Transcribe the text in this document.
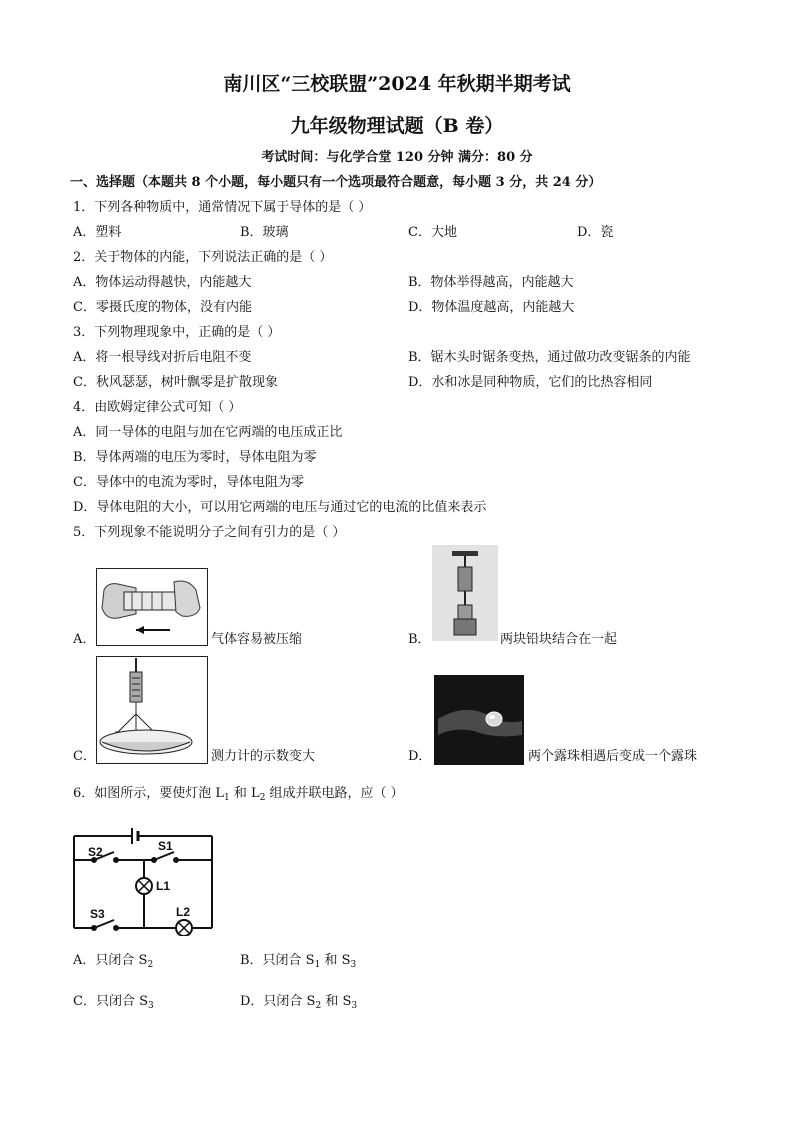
南川区“三校联盟”2024 年秋期半期考试
九年级物理试题（B 卷）
考试时间：与化学合堂 120 分钟 满分：80 分
一、选择题（本题共 8 个小题，每小题只有一个选项最符合题意，每小题 3 分，共 24 分）
1．下列各种物质中，通常情况下属于导体的是（ ）
A．塑料	B．玻璃	C．大地	D．瓷
2．关于物体的内能，下列说法正确的是（ ）
A．物体运动得越快，内能越大	B．物体举得越高，内能越大
C．零摄氏度的物体，没有内能	D．物体温度越高，内能越大
3．下列物理现象中，正确的是（ ）
A．将一根导线对折后电阻不变	B．锯木头时锯条变热，通过做功改变锯条的内能
C．秋风瑟瑟，树叶飘零是扩散现象	D．水和冰是同种物质，它们的比热容相同
4．由欧姆定律公式可知（ ）
A．同一导体的电阻与加在它两端的电压成正比
B．导体两端的电压为零时，导体电阻为零
C．导体中的电流为零时，导体电阻为零
D．导体电阻的大小，可以用它两端的电压与通过它的电流的比值来表示
5．下列现象不能说明分子之间有引力的是（ ）
A．	气体容易被压缩	B．	两块铅块结合在一起
C．	测力计的示数变大	D．	两个露珠相遇后变成一个露珠
6．如图所示，要使灯泡 $L_1$ 和 $L_2$ 组成并联电路，应（ ）
S2	S1
L1
S3	L2
A．只闭合 $S_2$	B．只闭合 $S_1$ 和 $S_3$
C．只闭合 $S_3$	D．只闭合 $S_2$ 和 $S_3$
